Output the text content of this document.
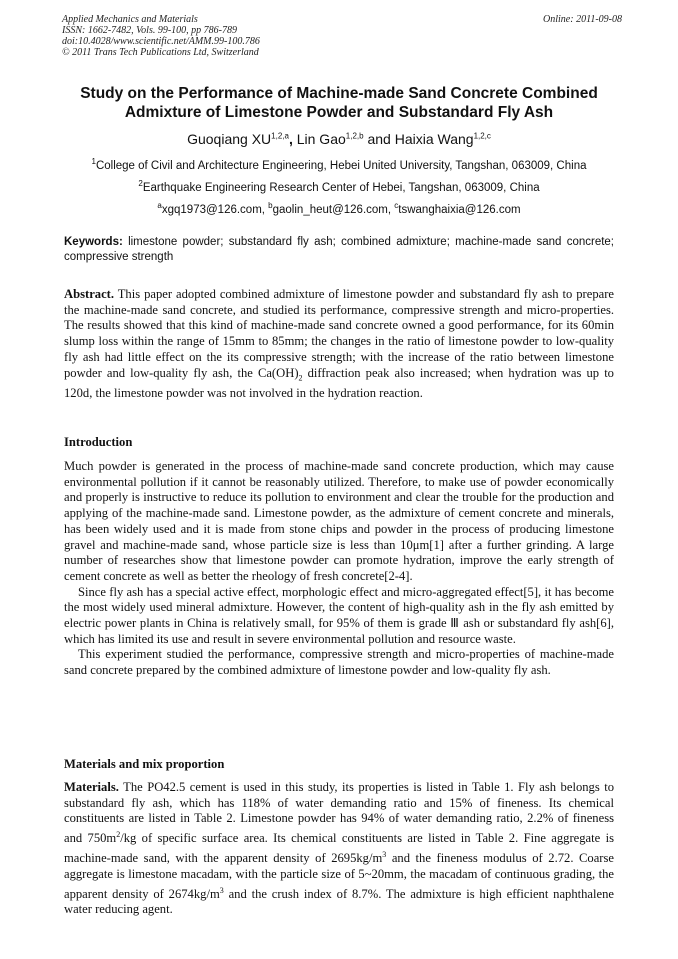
Applied Mechanics and Materials
ISSN: 1662-7482, Vols. 99-100, pp 786-789
doi:10.4028/www.scientific.net/AMM.99-100.786
© 2011 Trans Tech Publications Ltd, Switzerland
Online: 2011-09-08
Study on the Performance of Machine-made Sand Concrete Combined
Admixture of Limestone Powder and Substandard Fly Ash
Guoqiang XU$^{1,2,a}$, Lin Gao$^{1,2,b}$ and Haixia Wang$^{1,2,c}$
$^1$College of Civil and Architecture Engineering, Hebei United University, Tangshan, 063009, China
$^2$Earthquake Engineering Research Center of Hebei, Tangshan, 063009, China
$^a$xgq1973@126.com, $^b$gaolin_heut@126.com, $^c$tswanghaixia@126.com
Keywords: limestone powder; substandard fly ash; combined admixture; machine-made sand concrete; compressive strength

Abstract. This paper adopted combined admixture of limestone powder and substandard fly ash to prepare the machine-made sand concrete, and studied its performance, compressive strength and micro-properties. The results showed that this kind of machine-made sand concrete owned a good performance, for its 60min slump loss within the range of 15mm to 85mm; the changes in the ratio of limestone powder to low-quality fly ash had little effect on the its compressive strength; with the increase of the ratio between limestone powder and low-quality fly ash, the $Ca(OH)_2$ diffraction peak also increased; when hydration was up to 120d, the limestone powder was not involved in the hydration reaction.

Introduction

Much powder is generated in the process of machine-made sand concrete production, which may cause environmental pollution if it cannot be reasonably utilized. Therefore, to make use of powder economically and properly is instructive to reduce its pollution to environment and clear the trouble for the production and applying of the machine-made sand. Limestone powder, as the admixture of cement concrete and minerals, has been widely used and it is made from stone chips and powder in the process of producing limestone gravel and machine-made sand, whose particle size is less than 10μm[1] after a further grinding. A large number of researches show that limestone powder can promote hydration, improve the early strength of cement concrete as well as better the rheology of fresh concrete[2-4].

Since fly ash has a special active effect, morphologic effect and micro-aggregated effect[5], it has become the most widely used mineral admixture. However, the content of high-quality ash in the fly ash emitted by electric power plants in China is relatively small, for 95% of them is grade Ⅲ ash or substandard fly ash[6], which has limited its use and result in severe environmental pollution and resource waste.

This experiment studied the performance, compressive strength and micro-properties of machine-made sand concrete prepared by the combined admixture of limestone powder and low-quality fly ash.

Materials and mix proportion

Materials. The PO42.5 cement is used in this study, its properties is listed in Table 1. Fly ash belongs to substandard fly ash, which has 118% of water demanding ratio and 15% of fineness. Its chemical constituents are listed in Table 2. Limestone powder has 94% of water demanding ratio, 2.2% of fineness and $750m^2/kg$ of specific surface area. Its chemical constituents are listed in Table 2. Fine aggregate is machine-made sand, with the apparent density of $2695kg/m^3$ and the fineness modulus of 2.72. Coarse aggregate is limestone macadam, with the particle size of 5~20mm, the macadam of continuous grading, the apparent density of $2674kg/m^3$ and the crush index of 8.7%. The admixture is high efficient naphthalene water reducing agent.
